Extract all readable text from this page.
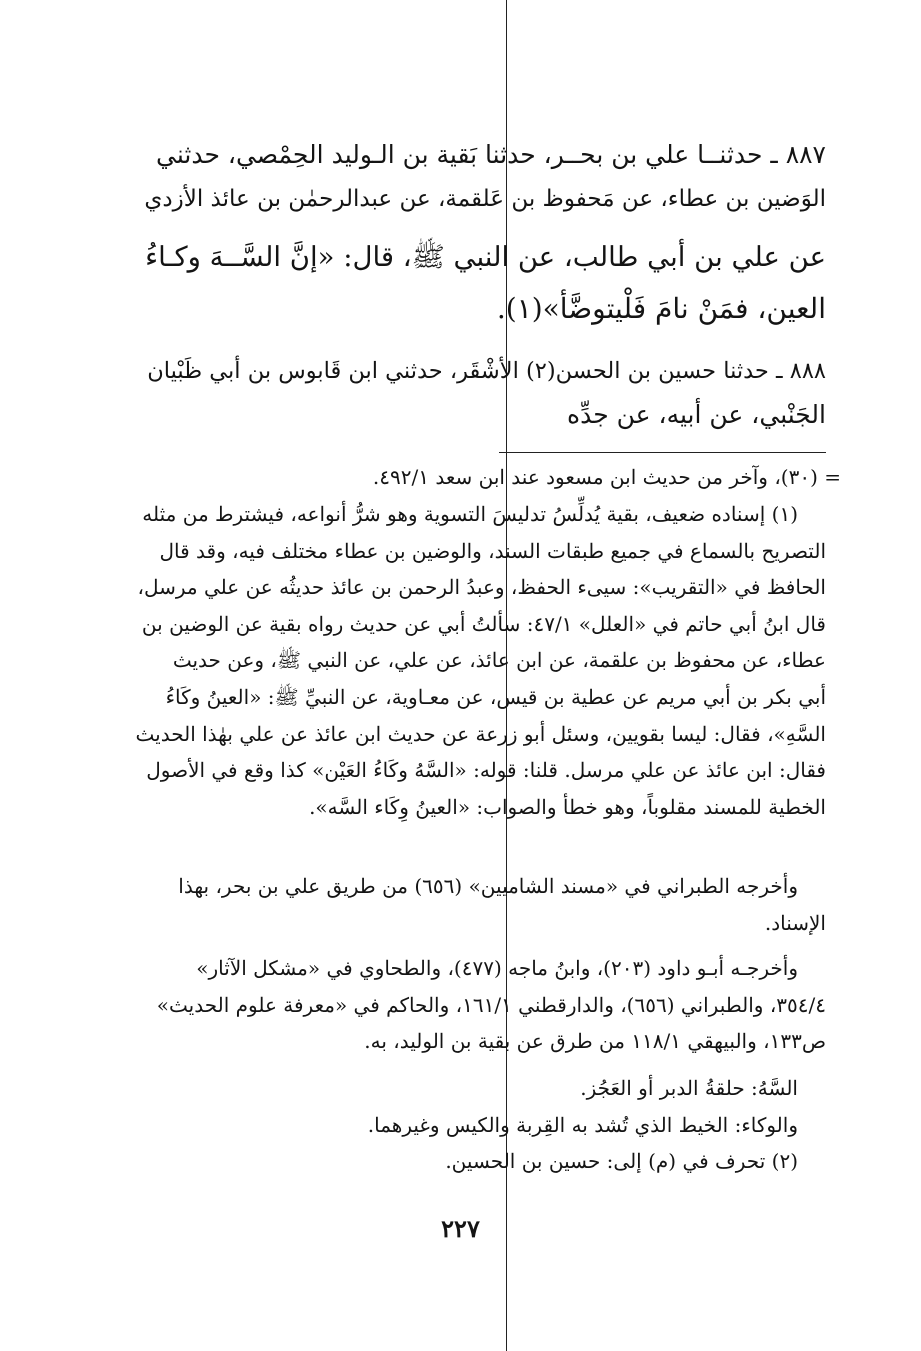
٨٨٧ ـ حدثنــا علي بن بحــر، حدثنا بَقية بن الـوليد الحِمْصي، حدثني
الوَضين بن عطاء، عن مَحفوظ بن عَلقمة، عن عبدالرحمٰن بن عائذ الأزدي
عن علي بن أبي طالب، عن النبي ﷺ، قال: «إنَّ السَّــهَ وكـاءُ
العين، فمَنْ نامَ فَلْيتوضَّأ»(١).
٨٨٨ ـ حدثنا حسين بن الحسن(٢) الأشْقَر، حدثني ابن قَابوس بن أبي ظَبْيان
الجَنْبي، عن أبيه، عن جدِّه
= (٣٠)، وآخر من حديث ابن مسعود عند ابن سعد ٤٩٢/١.
(١) إسناده ضعيف، بقية يُدلِّسُ تدليسَ التسوية وهو شرُّ أنواعه، فيشترط من مثله
التصريح بالسماع في جميع طبقات السند، والوضين بن عطاء مختلف فيه، وقد قال
الحافظ في «التقريب»: سيىء الحفظ، وعبدُ الرحمن بن عائذ حديثُه عن علي مرسل،
قال ابنُ أبي حاتم في «العلل» ٤٧/١: سألتُ أبي عن حديث رواه بقية عن الوضين بن
عطاء، عن محفوظ بن علقمة، عن ابن عائذ، عن علي، عن النبي ﷺ، وعن حديث
أبي بكر بن أبي مريم عن عطية بن قيس، عن معـاوية، عن النبيِّ ﷺ: «العينُ وكَاءُ
السَّهِ»، فقال: ليسا بقويين، وسئل أبو زرعة عن حديث ابن عائذ عن علي بهٰذا الحديث
فقال: ابن عائذ عن علي مرسل. قلنا: قوله: «السَّهُ وكَاءُ العَيْن» كذا وقع في الأصول
الخطية للمسند مقلوباً، وهو خطأ والصواب: «العينُ وِكَاء السَّه».
وأخرجه الطبراني في «مسند الشاميين» (٦٥٦) من طريق علي بن بحر، بهذا
الإسناد.
وأخرجـه أبـو داود (٢٠٣)، وابنُ ماجه (٤٧٧)، والطحاوي في «مشكل الآثار»
٣٥٤/٤، والطبراني (٦٥٦)، والدارقطني ١٦١/١، والحاكم في «معرفة علوم الحديث»
ص١٣٣، والبيهقي ١١٨/١ من طرق عن بقية بن الوليد، به.
السَّهُ: حلقةُ الدبر أو العَجُز.
والوكاء: الخيط الذي تُشد به القِربة والكيس وغيرهما.
(٢) تحرف في (م) إلى: حسين بن الحسين.
٢٢٧
